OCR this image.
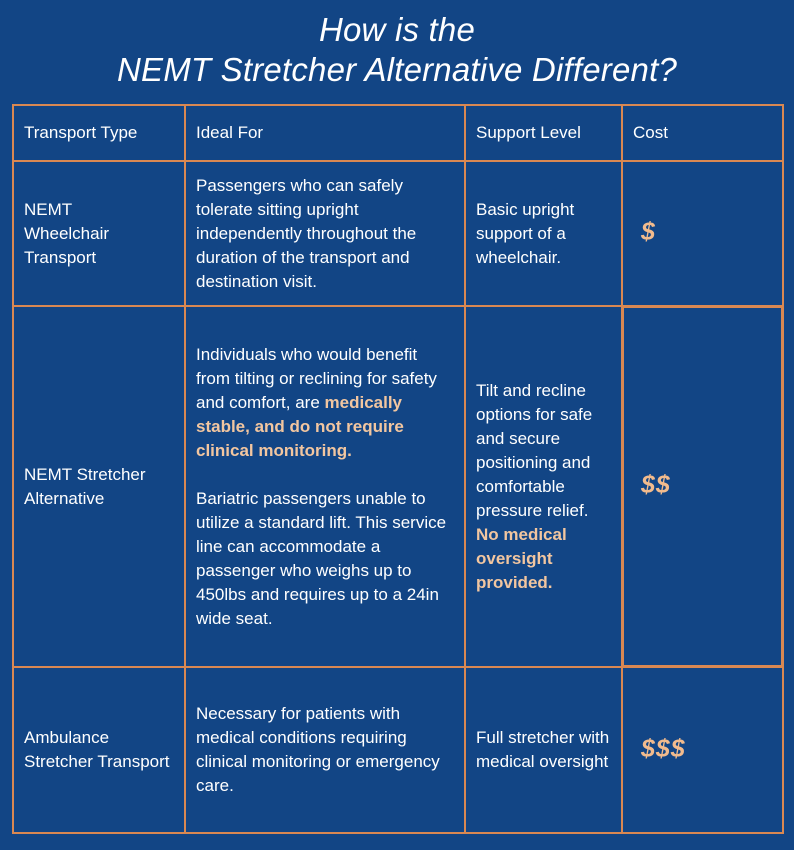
How is the
NEMT Stretcher Alternative Different?
Transport Type	Ideal For	Support Level	Cost

NEMT
Wheelchair
Transport	Passengers who can safely tolerate sitting upright independently throughout the duration of the transport and destination visit.	Basic upright support of a wheelchair.	$
NEMT Stretcher Alternative	Individuals who would benefit from tilting or reclining for safety and comfort, are medically stable, and do not require clinical monitoring.
Bariatric passengers unable to utilize a standard lift. This service line can accommodate a passenger who weighs up to 450lbs and requires up to a 24in wide seat.	Tilt and recline options for safe and secure positioning and comfortable pressure relief.
No medical oversight provided.	$$
Ambulance Stretcher Transport	Necessary for patients with medical conditions requiring clinical monitoring or emergency care.	Full stretcher with medical oversight	$$$
